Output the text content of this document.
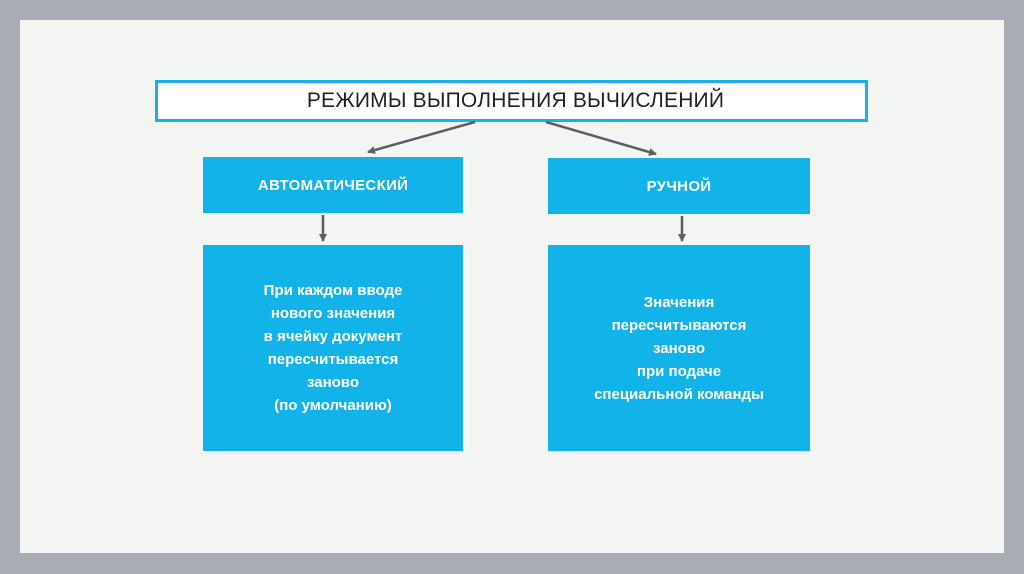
РЕЖИМЫ ВЫПОЛНЕНИЯ ВЫЧИСЛЕНИЙ
АВТОМАТИЧЕСКИЙ	РУЧНОЙ
При каждом вводе
нового значения
в ячейку документ
пересчитывается
заново
(по умолчанию)
Значения
пересчитываются
заново
при подаче
специальной команды
